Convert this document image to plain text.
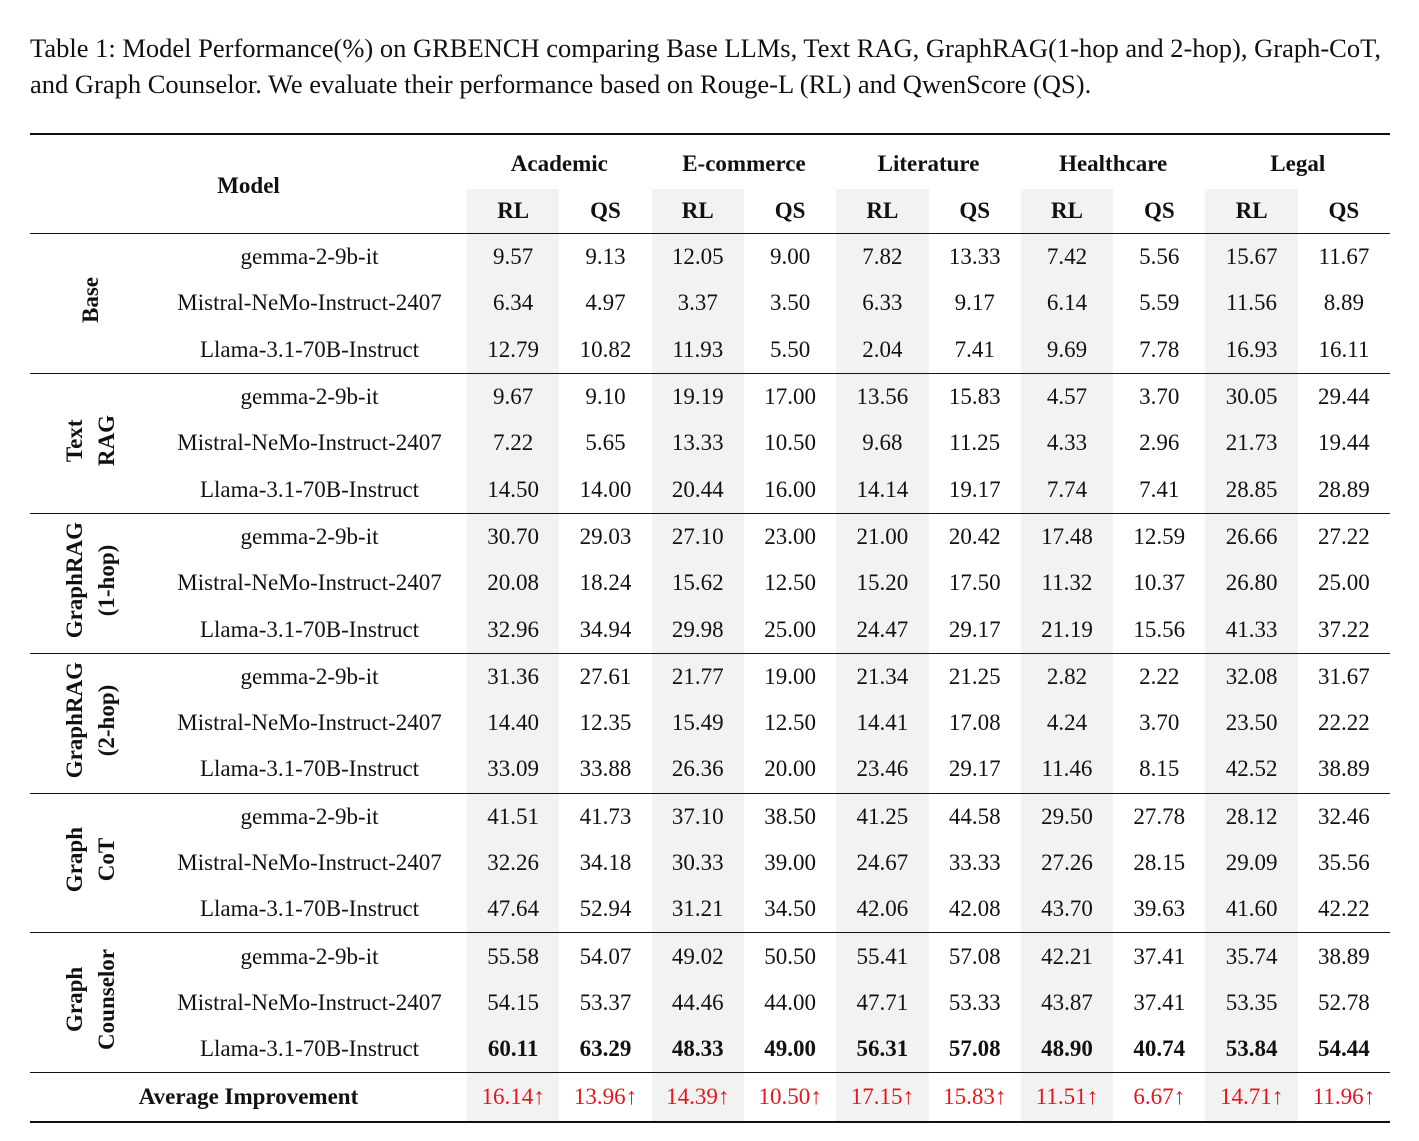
Table 1: Model Performance(%) on GRBENCH comparing Base LLMs, Text RAG, GraphRAG(1-hop and 2-hop), Graph-CoT, and Graph Counselor. We evaluate their performance based on Rouge-L (RL) and QwenScore (QS).
Model		Academic		E-commerce		Literature		Healthcare		Legal	
		RL	QS	RL	QS	RL	QS	RL	QS	RL	QS

Base	gemma-2-9b-it	9.57	9.13	12.05	9.00	7.82	13.33	7.42	5.56	15.67	11.67
	Mistral-NeMo-Instruct-2407	6.34	4.97	3.37	3.50	6.33	9.17	6.14	5.59	11.56	8.89
	Llama-3.1-70B-Instruct	12.79	10.82	11.93	5.50	2.04	7.41	9.69	7.78	16.93	16.11

Text RAG	gemma-2-9b-it	9.67	9.10	19.19	17.00	13.56	15.83	4.57	3.70	30.05	29.44
	Mistral-NeMo-Instruct-2407	7.22	5.65	13.33	10.50	9.68	11.25	4.33	2.96	21.73	19.44
	Llama-3.1-70B-Instruct	14.50	14.00	20.44	16.00	14.14	19.17	7.74	7.41	28.85	28.89

GraphRAG (1-hop)	gemma-2-9b-it	30.70	29.03	27.10	23.00	21.00	20.42	17.48	12.59	26.66	27.22
	Mistral-NeMo-Instruct-2407	20.08	18.24	15.62	12.50	15.20	17.50	11.32	10.37	26.80	25.00
	Llama-3.1-70B-Instruct	32.96	34.94	29.98	25.00	24.47	29.17	21.19	15.56	41.33	37.22

GraphRAG (2-hop)	gemma-2-9b-it	31.36	27.61	21.77	19.00	21.34	21.25	2.82	2.22	32.08	31.67
	Mistral-NeMo-Instruct-2407	14.40	12.35	15.49	12.50	14.41	17.08	4.24	3.70	23.50	22.22
	Llama-3.1-70B-Instruct	33.09	33.88	26.36	20.00	23.46	29.17	11.46	8.15	42.52	38.89

Graph CoT	gemma-2-9b-it	41.51	41.73	37.10	38.50	41.25	44.58	29.50	27.78	28.12	32.46
	Mistral-NeMo-Instruct-2407	32.26	34.18	30.33	39.00	24.67	33.33	27.26	28.15	29.09	35.56
	Llama-3.1-70B-Instruct	47.64	52.94	31.21	34.50	42.06	42.08	43.70	39.63	41.60	42.22

Graph Counselor	gemma-2-9b-it	55.58	54.07	49.02	50.50	55.41	57.08	42.21	37.41	35.74	38.89
	Mistral-NeMo-Instruct-2407	54.15	53.37	44.46	44.00	47.71	53.33	43.87	37.41	53.35	52.78
	Llama-3.1-70B-Instruct	60.11	63.29	48.33	49.00	56.31	57.08	48.90	40.74	53.84	54.44
Average Improvement		16.14↑	13.96↑	14.39↑	10.50↑	17.15↑	15.83↑	11.51↑	6.67↑	14.71↑	11.96↑
